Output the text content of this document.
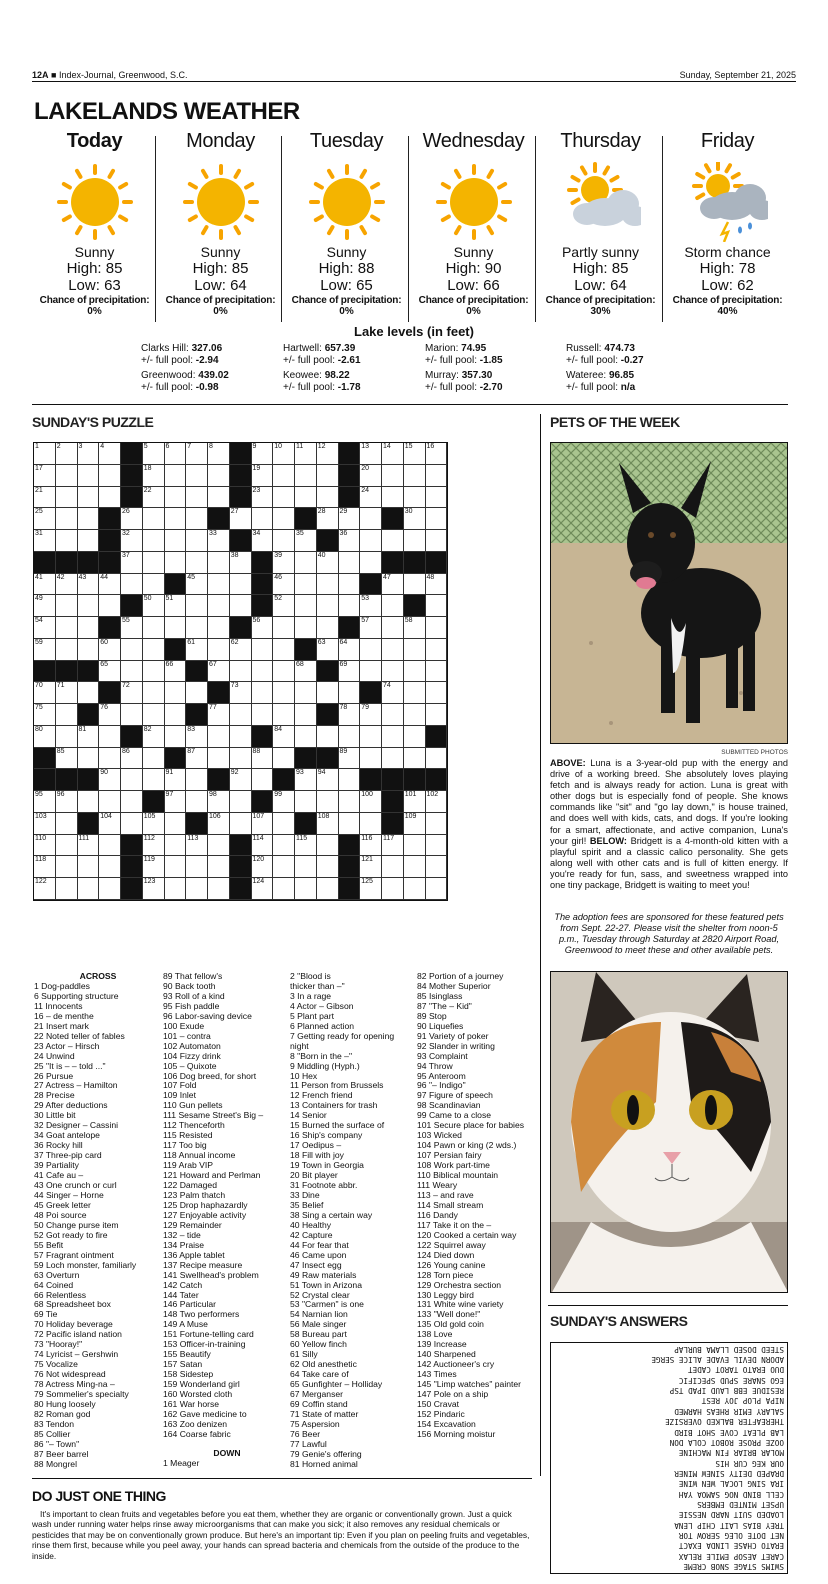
12A ■ Index-Journal, Greenwood, S.C.	Sunday, September 21, 2025
LAKELANDS WEATHER
Today
Sunny
High: 85
Low: 63
Chance of precipitation:
0%
Monday
Sunny
High: 85
Low: 64
Chance of precipitation:
0%
Tuesday
Sunny
High: 88
Low: 65
Chance of precipitation:
0%
Wednesday
Sunny
High: 90
Low: 66
Chance of precipitation:
0%
Thursday
Partly sunny
High: 85
Low: 64
Chance of precipitation:
30%
Friday
Storm chance
High: 78
Low: 62
Chance of precipitation:
40%
Lake levels (in feet)
Clarks Hill: 327.06
+/- full pool: -2.94
Greenwood: 439.02
+/- full pool: -0.98
Hartwell: 657.39
+/- full pool: -2.61
Keowee: 98.22
+/- full pool: -1.78
Marion: 74.95
+/- full pool: -1.85
Murray: 357.30
+/- full pool: -2.70
Russell: 474.73
+/- full pool: -0.27
Wateree: 96.85
+/- full pool: n/a
SUNDAY'S PUZZLE
1	2	3	4	5	6	7	8	9	10 11 12	13 14 15 16
17	18	19	20
21	22	23	24
25	26	27	28 29	30
31	32	33	34	35	36
37	38	39	40
41 42 43 44	45	46	47	48
49	50 51	52	53
54	55	56	57	58
59	60	61	62	63 64
65	66	67	68	69
70 71	72	73	74
75	76	77	78 79
80	81	82	83	84
85	86	87	88	89
90	91	92	93 94
95 96	97	98	99	100	101 102
103	104	105	106	107	108	109
110	111	112	113	114	115	116 117
118	119	120	121
122	123	124	125
ACROSS
1 Dog-paddles
6 Supporting structure
11 Innocents
16 – de menthe
21 Insert mark
22 Noted teller of fables
23 Actor – Hirsch
24 Unwind
25 "It is – – told ..."
26 Pursue
27 Actress – Hamilton
28 Precise
29 After deductions
30 Little bit
32 Designer – Cassini
34 Goat antelope
36 Rocky hill
37 Three-pip card
39 Partiality
41 Cafe au –
43 One crunch or curl
44 Singer – Horne
45 Greek letter
48 Poi source
50 Change purse item
52 Got ready to fire
55 Befit
57 Fragrant ointment
59 Loch monster, familiarly
63 Overturn
64 Coined
66 Relentless
68 Spreadsheet box
69 Tie
70 Holiday beverage
72 Pacific island nation
73 "Hooray!"
74 Lyricist – Gershwin
75 Vocalize
76 Not widespread
78 Actress Ming-na –
79 Sommelier's specialty
80 Hung loosely
82 Roman god
83 Tendon
85 Collier
86 "– Town"
87 Beer barrel
88 Mongrel
89 That fellow's
90 Back tooth
93 Roll of a kind
95 Fish paddle
96 Labor-saving device
100 Exude
101 – contra
102 Automaton
104 Fizzy drink
105 – Quixote
106 Dog breed, for short
107 Fold
109 Inlet
110 Gun pellets
111 Sesame Street's Big –
112 Thenceforth
115 Resisted
117 Too big
118 Annual income
119 Arab VIP
121 Howard and Perlman
122 Damaged
123 Palm thatch
125 Drop haphazardly
127 Enjoyable activity
129 Remainder
132 – tide
134 Praise
136 Apple tablet
137 Recipe measure
141 Swellhead's problem
142 Catch
144 Tater
146 Particular
148 Two performers
149 A Muse
151 Fortune-telling card
153 Officer-in-training
155 Beautify
157 Satan
158 Sidestep
159 Wonderland girl
160 Worsted cloth
161 War horse
162 Gave medicine to
163 Zoo denizen
164 Coarse fabric
DOWN
1 Meager
2 "Blood is
thicker than –"
3 In a rage
4 Actor – Gibson
5 Plant part
6 Planned action
7 Getting ready for opening
night
8 "Born in the –"
9 Middling (Hyph.)
10 Hex
11 Person from Brussels
12 French friend
13 Containers for trash
14 Senior
15 Burned the surface of
16 Ship's company
17 Oedipus –
18 Fill with joy
19 Town in Georgia
20 Bit player
31 Footnote abbr.
33 Dine
35 Belief
38 Sing a certain way
40 Healthy
42 Capture
44 For fear that
46 Came upon
47 Insect egg
49 Raw materials
51 Town in Arizona
52 Crystal clear
53 "Carmen" is one
54 Narnian lion
56 Male singer
58 Bureau part
60 Yellow finch
61 Silly
62 Old anesthetic
64 Take care of
65 Gunfighter – Holliday
67 Merganser
69 Coffin stand
71 State of matter
75 Aspersion
76 Beer
77 Lawful
79 Genie's offering
81 Horned animal
82 Portion of a journey
84 Mother Superior
85 Isinglass
87 "The – Kid"
89 Stop
90 Liquefies
91 Variety of poker
92 Slander in writing
93 Complaint
94 Throw
95 Anteroom
96 "– Indigo"
97 Figure of speech
98 Scandinavian
99 Came to a close
101 Secure place for babies
103 Wicked
104 Pawn or king (2 wds.)
107 Persian fairy
108 Work part-time
110 Biblical mountain
111 Weary
113 – and rave
114 Small stream
116 Dandy
117 Take it on the –
120 Cooked a certain way
122 Squirrel away
124 Died down
126 Young canine
128 Torn piece
129 Orchestra section
130 Leggy bird
131 White wine variety
133 "Well done!"
135 Old gold coin
138 Love
139 Increase
140 Sharpened
142 Auctioneer's cry
143 Times
145 "Limp watches" painter
147 Pole on a ship
150 Cravat
152 Pindaric
154 Excavation
156 Morning moistur
PETS OF THE WEEK
SUBMITTED PHOTOS
ABOVE: Luna is a 3-year-old pup with the energy and drive of a working breed. She absolutely loves playing fetch and is always ready for action. Luna is great with other dogs but is especially fond of people. She knows commands like "sit" and "go lay down," is house trained, and does well with kids, cats, and dogs. If you're looking for a smart, affectionate, and active companion, Luna's your girl! BELOW: Bridgett is a 4-month-old kitten with a playful spirit and a classic calico personality. She gets along well with other cats and is full of kitten energy. If you're ready for fun, sass, and sweetness wrapped into one tiny package, Bridgett is waiting to meet you!
The adoption fees are sponsored for these featured pets from Sept. 22-27. Please visit the shelter from noon-5 p.m., Tuesday through Saturday at 2820 Airport Road, Greenwood to meet these and other available pets.
SUNDAY'S ANSWERS
SWIMS STAGE SNOB CREME
CARET AESOP EMILE RELAX
ERATO CHASE LINDA EXACT
NET DOTE OLEG SEROW TOR
TREY BIAS LAIT CHIP LENA
LOADED SUIT NARD NESSIE
UPSET MINTED EMBERS
CELL BIND NOG SAMOA YAH
IRA SING LOCAL WEN WINE
DRAPED DEITY SINEW MINER
OUR KEG CUR HIS
MOLAR BRIAR FIN MACHINE
OOZE PROSE ROBOT COLA DON
LAB PLEAT COVE SHOT BIRD
THEREAFTER BALKED OVERSIZE
SALARY EMIR RHEAS HARMED
NIPA PLOP JOY REST
RESIDUE EBB LAUD IPAD TSP
EGO SNARE SPUD SPECIFIC
DUO ERATO TAROT CADET
ADORN DEVIL EVADE ALICE SERGE
STEED DOSED LLAMA BURLAP
DO JUST ONE THING
It's important to clean fruits and vegetables before you eat them, whether they are organic or conventionally grown. Just a quick wash under running water helps rinse away microorganisms that can make you sick; it also removes any residual chemicals or pesticides that may be on conventionally grown produce. But here's an important tip: Even if you plan on peeling fruits and vegetables, rinse them first, because while you peel away, your hands can spread bacteria and chemicals from the outside of the produce to the inside.
